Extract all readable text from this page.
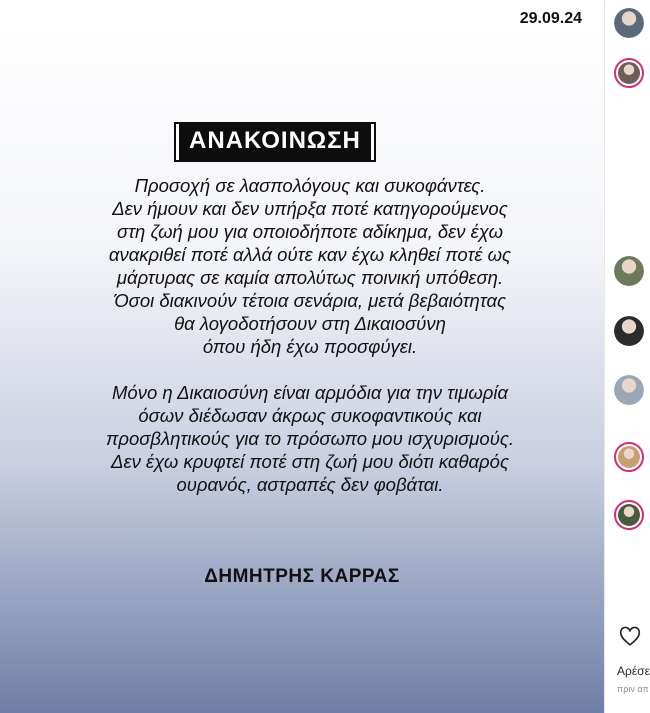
29.09.24
ΑΝΑΚΟΙΝΩΣΗ
Προσοχή σε λασπολόγους και συκοφάντες.
Δεν ήμουν και δεν υπήρξα ποτέ κατηγορούμενος
στη ζωή μου για οποιοδήποτε αδίκημα, δεν έχω
ανακριθεί ποτέ αλλά ούτε καν έχω κληθεί ποτέ ως
μάρτυρας σε καμία απολύτως ποινική υπόθεση.
Όσοι διακινούν τέτοια σενάρια, μετά βεβαιότητας
θα λογοδοτήσουν στη Δικαιοσύνη
όπου ήδη έχω προσφύγει.
Μόνο η Δικαιοσύνη είναι αρμόδια για την τιμωρία
όσων διέδωσαν άκρως συκοφαντικούς και
προσβλητικούς για το πρόσωπο μου ισχυρισμούς.
Δεν έχω κρυφτεί ποτέ στη ζωή μου διότι καθαρός
ουρανός, αστραπές δεν φοβάται.
ΔΗΜΗΤΡΗΣ ΚΑΡΡΑΣ
Αρέσε
πριν απ
